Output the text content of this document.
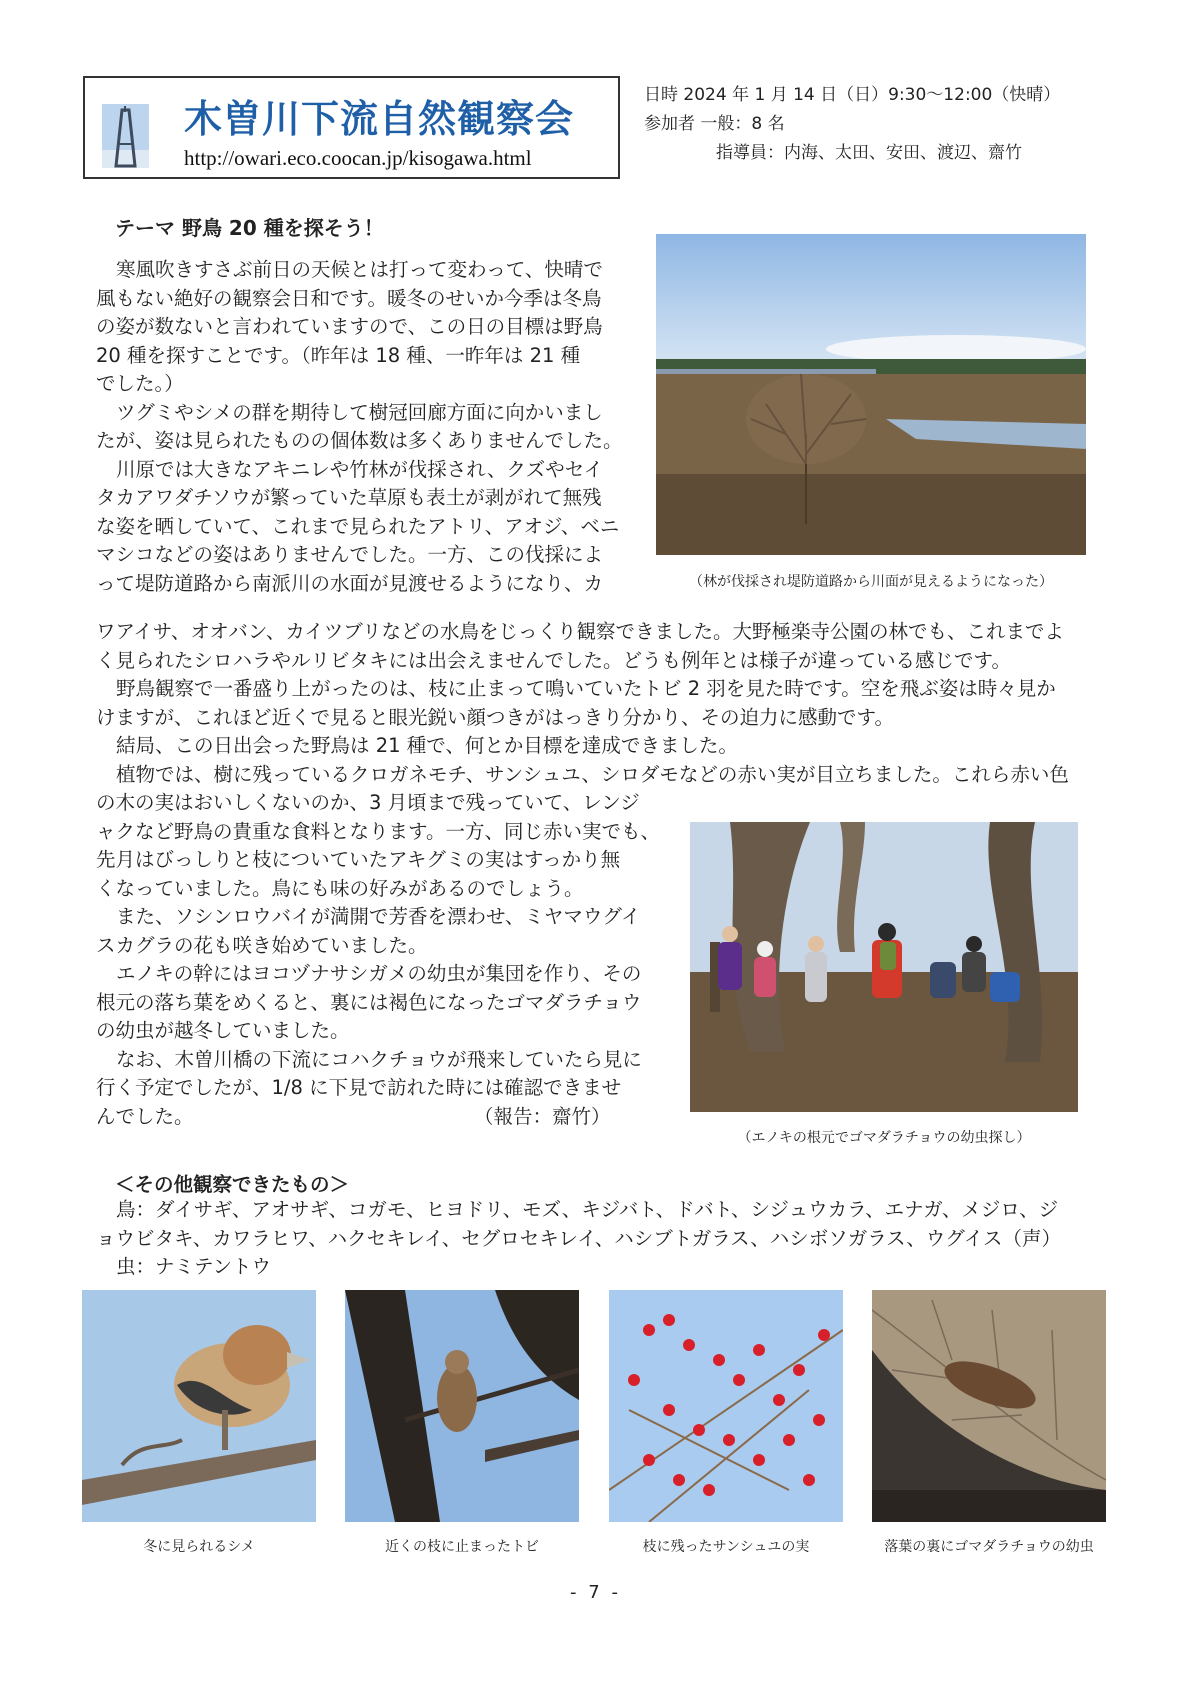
木曽川下流自然観察会
http://owari.eco.coocan.jp/kisogawa.html
日時 2024 年 1 月 14 日（日）9:30〜12:00（快晴）
参加者 一般：8 名
指導員：内海、太田、安田、渡辺、齋竹
テーマ 野鳥 20 種を探そう！
寒風吹きすさぶ前日の天候とは打って変わって、快晴で
風もない絶好の観察会日和です。暖冬のせいか今季は冬鳥
の姿が数ないと言われていますので、この日の目標は野鳥
20 種を探すことです。（昨年は 18 種、一昨年は 21 種
でした。）
ツグミやシメの群を期待して樹冠回廊方面に向かいまし
たが、姿は見られたものの個体数は多くありませんでした。
川原では大きなアキニレや竹林が伐採され、クズやセイ
タカアワダチソウが繁っていた草原も表土が剥がれて無残
な姿を晒していて、これまで見られたアトリ、アオジ、ベニ
マシコなどの姿はありませんでした。一方、この伐採によ
って堤防道路から南派川の水面が見渡せるようになり、カ	（林が伐採され堤防道路から川面が見えるようになった）
ワアイサ、オオバン、カイツブリなどの水鳥をじっくり観察できました。大野極楽寺公園の林でも、これまでよ
く見られたシロハラやルリビタキには出会えませんでした。どうも例年とは様子が違っている感じです。
野鳥観察で一番盛り上がったのは、枝に止まって鳴いていたトビ 2 羽を見た時です。空を飛ぶ姿は時々見か
けますが、これほど近くで見ると眼光鋭い顔つきがはっきり分かり、その迫力に感動です。
結局、この日出会った野鳥は 21 種で、何とか目標を達成できました。
植物では、樹に残っているクロガネモチ、サンシュユ、シロダモなどの赤い実が目立ちました。これら赤い色
の木の実はおいしくないのか、3 月頃まで残っていて、レンジ
ャクなど野鳥の貴重な食料となります。一方、同じ赤い実でも、
先月はびっしりと枝についていたアキグミの実はすっかり無
くなっていました。鳥にも味の好みがあるのでしょう。
また、ソシンロウバイが満開で芳香を漂わせ、ミヤマウグイ
スカグラの花も咲き始めていました。
エノキの幹にはヨコヅナサシガメの幼虫が集団を作り、その
根元の落ち葉をめくると、裏には褐色になったゴマダラチョウ
の幼虫が越冬していました。
なお、木曽川橋の下流にコハクチョウが飛来していたら見に
行く予定でしたが、1/8 に下見で訪れた時には確認できませ
んでした。	（報告：齋竹）
（エノキの根元でゴマダラチョウの幼虫探し）
＜その他観察できたもの＞
鳥：ダイサギ、アオサギ、コガモ、ヒヨドリ、モズ、キジバト、ドバト、シジュウカラ、エナガ、メジロ、ジ
ョウビタキ、カワラヒワ、ハクセキレイ、セグロセキレイ、ハシブトガラス、ハシボソガラス、ウグイス（声）
虫：ナミテントウ
冬に見られるシメ	近くの枝に止まったトビ	枝に残ったサンシュユの実	落葉の裏にゴマダラチョウの幼虫
- 7 -
